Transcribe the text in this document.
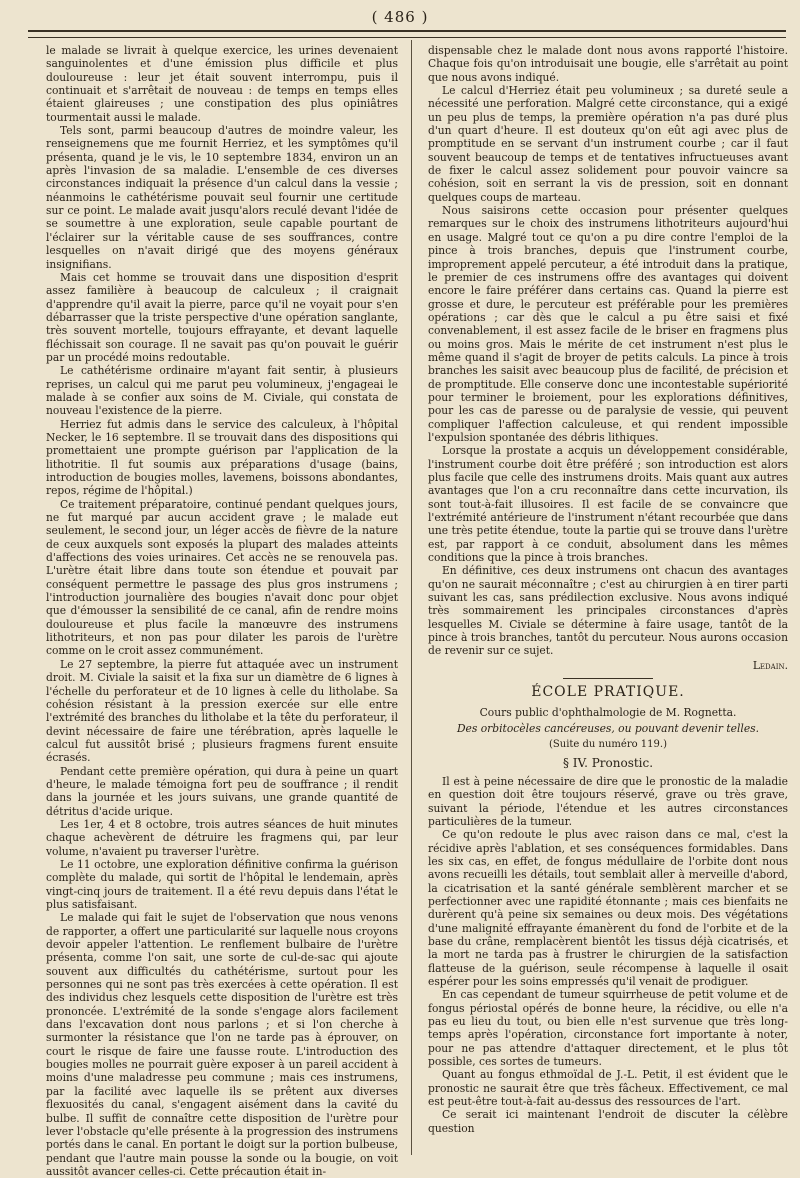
( 486 )

le malade se livrait à quelque exercice, les urines devenaient sanguinolentes et d'une émission plus difficile et plus douloureuse : leur jet était souvent interrompu, puis il continuait et s'arrêtait de nouveau : de temps en temps elles étaient glaireuses ; une constipation des plus opiniâtres tourmentait aussi le malade.

Tels sont, parmi beaucoup d'autres de moindre valeur, les renseignemens que me fournit Herriez, et les symptômes qu'il présenta, quand je le vis, le 10 septembre 1834, environ un an après l'invasion de sa maladie. L'ensemble de ces diverses circonstances indiquait la présence d'un calcul dans la vessie ; néanmoins le cathétérisme pouvait seul fournir une certitude sur ce point. Le malade avait jusqu'alors reculé devant l'idée de se soumettre à une exploration, seule capable pourtant de l'éclairer sur la véritable cause de ses souffrances, contre lesquelles on n'avait dirigé que des moyens généraux insignifians.

Mais cet homme se trouvait dans une disposition d'esprit assez familière à beaucoup de calculeux ; il craignait d'apprendre qu'il avait la pierre, parce qu'il ne voyait pour s'en débarrasser que la triste perspective d'une opération sanglante, très souvent mortelle, toujours effrayante, et devant laquelle fléchissait son courage. Il ne savait pas qu'on pouvait le guérir par un procédé moins redoutable.

Le cathétérisme ordinaire m'ayant fait sentir, à plusieurs reprises, un calcul qui me parut peu volumineux, j'engageai le malade à se confier aux soins de M. Civiale, qui constata de nouveau l'existence de la pierre.

Herriez fut admis dans le service des calculeux, à l'hôpital Necker, le 16 septembre. Il se trouvait dans des dispositions qui promettaient une prompte guérison par l'application de la lithotritie. Il fut soumis aux préparations d'usage (bains, introduction de bougies molles, lavemens, boissons abondantes, repos, régime de l'hôpital.)

Ce traitement préparatoire, continué pendant quelques jours, ne fut marqué par aucun accident grave ; le malade eut seulement, le second jour, un léger accès de fièvre de la nature de ceux auxquels sont exposés la plupart des malades atteints d'affections des voies urinaires. Cet accès ne se renouvela pas. L'urètre était libre dans toute son étendue et pouvait par conséquent permettre le passage des plus gros instrumens ; l'introduction journalière des bougies n'avait donc pour objet que d'émousser la sensibilité de ce canal, afin de rendre moins douloureuse et plus facile la manœuvre des instrumens lithotriteurs, et non pas pour dilater les parois de l'urètre comme on le croit assez communément.

Le 27 septembre, la pierre fut attaquée avec un instrument droit. M. Civiale la saisit et la fixa sur un diamètre de 6 lignes à l'échelle du perforateur et de 10 lignes à celle du litholabe. Sa cohésion résistant à la pression exercée sur elle entre l'extrémité des branches du litholabe et la tête du perforateur, il devint nécessaire de faire une térébration, après laquelle le calcul fut aussitôt brisé ; plusieurs fragmens furent ensuite écrasés.

Pendant cette première opération, qui dura à peine un quart d'heure, le malade témoigna fort peu de souffrance ; il rendit dans la journée et les jours suivans, une grande quantité de détritus d'acide urique.

Les 1er, 4 et 8 octobre, trois autres séances de huit minutes chaque achevèrent de détruire les fragmens qui, par leur volume, n'avaient pu traverser l'urètre.

Le 11 octobre, une exploration définitive confirma la guérison complète du malade, qui sortit de l'hôpital le lendemain, après vingt-cinq jours de traitement. Il a été revu depuis dans l'état le plus satisfaisant.

Le malade qui fait le sujet de l'observation que nous venons de rapporter, a offert une particularité sur laquelle nous croyons devoir appeler l'attention. Le renflement bulbaire de l'urètre présenta, comme l'on sait, une sorte de cul-de-sac qui ajoute souvent aux difficultés du cathétérisme, surtout pour les personnes qui ne sont pas très exercées à cette opération. Il est des individus chez lesquels cette disposition de l'urètre est très prononcée. L'extrémité de la sonde s'engage alors facilement dans l'excavation dont nous parlons ; et si l'on cherche à surmonter la résistance que l'on ne tarde pas à éprouver, on court le risque de faire une fausse route. L'introduction des bougies molles ne pourrait guère exposer à un pareil accident à moins d'une maladresse peu commune ; mais ces instrumens, par la facilité avec laquelle ils se prêtent aux diverses flexuosités du canal, s'engagent aisément dans la cavité du bulbe. Il suffit de connaître cette disposition de l'urètre pour lever l'obstacle qu'elle présente à la progression des instrumens portés dans le canal. En portant le doigt sur la portion bulbeuse, pendant que l'autre main pousse la sonde ou la bougie, on voit aussitôt avancer celles-ci. Cette précaution était in-

dispensable chez le malade dont nous avons rapporté l'histoire. Chaque fois qu'on introduisait une bougie, elle s'arrêtait au point que nous avons indiqué.

Le calcul d'Herriez était peu volumineux ; sa dureté seule a nécessité une perforation. Malgré cette circonstance, qui a exigé un peu plus de temps, la première opération n'a pas duré plus d'un quart d'heure. Il est douteux qu'on eût agi avec plus de promptitude en se servant d'un instrument courbe ; car il faut souvent beaucoup de temps et de tentatives infructueuses avant de fixer le calcul assez solidement pour pouvoir vaincre sa cohésion, soit en serrant la vis de pression, soit en donnant quelques coups de marteau.

Nous saisirons cette occasion pour présenter quelques remarques sur le choix des instrumens lithotriteurs aujourd'hui en usage. Malgré tout ce qu'on a pu dire contre l'emploi de la pince à trois branches, depuis que l'instrument courbe, improprement appelé percuteur, a été introduit dans la pratique, le premier de ces instrumens offre des avantages qui doivent encore le faire préférer dans certains cas. Quand la pierre est grosse et dure, le percuteur est préférable pour les premières opérations ; car dès que le calcul a pu être saisi et fixé convenablement, il est assez facile de le briser en fragmens plus ou moins gros. Mais le mérite de cet instrument n'est plus le même quand il s'agit de broyer de petits calculs. La pince à trois branches les saisit avec beaucoup plus de facilité, de précision et de promptitude. Elle conserve donc une incontestable supériorité pour terminer le broiement, pour les explorations définitives, pour les cas de paresse ou de paralysie de vessie, qui peuvent compliquer l'affection calculeuse, et qui rendent impossible l'expulsion spontanée des débris lithiques.

Lorsque la prostate a acquis un développement considérable, l'instrument courbe doit être préféré ; son introduction est alors plus facile que celle des instrumens droits. Mais quant aux autres avantages que l'on a cru reconnaître dans cette incurvation, ils sont tout-à-fait illusoires. Il est facile de se convaincre que l'extrémité antérieure de l'instrument n'étant recourbée que dans une très petite étendue, toute la partie qui se trouve dans l'urètre est, par rapport à ce conduit, absolument dans les mêmes conditions que la pince à trois branches.

En définitive, ces deux instrumens ont chacun des avantages qu'on ne saurait méconnaître ; c'est au chirurgien à en tirer parti suivant les cas, sans prédilection exclusive. Nous avons indiqué très sommairement les principales circonstances d'après lesquelles M. Civiale se détermine à faire usage, tantôt de la pince à trois branches, tantôt du percuteur. Nous aurons occasion de revenir sur ce sujet.

Ledain.

ÉCOLE PRATIQUE.

Cours public d'ophthalmologie de M. Rognetta.

Des orbitocèles cancéreuses, ou pouvant devenir telles.

(Suite du numéro 119.)

§ IV. Pronostic.

Il est à peine nécessaire de dire que le pronostic de la maladie en question doit être toujours réservé, grave ou très grave, suivant la période, l'étendue et les autres circonstances particulières de la tumeur.

Ce qu'on redoute le plus avec raison dans ce mal, c'est la récidive après l'ablation, et ses conséquences formidables. Dans les six cas, en effet, de fongus médullaire de l'orbite dont nous avons recueilli les détails, tout semblait aller à merveille d'abord, la cicatrisation et la santé générale semblèrent marcher et se perfectionner avec une rapidité étonnante ; mais ces bienfaits ne durèrent qu'à peine six semaines ou deux mois. Des végétations d'une malignité effrayante émanèrent du fond de l'orbite et de la base du crâne, remplacèrent bientôt les tissus déjà cicatrisés, et la mort ne tarda pas à frustrer le chirurgien de la satisfaction flatteuse de la guérison, seule récompense à laquelle il osait espérer pour les soins empressés qu'il venait de prodiguer.

En cas cependant de tumeur squirrheuse de petit volume et de fongus périostal opérés de bonne heure, la récidive, ou elle n'a pas eu lieu du tout, ou bien elle n'est survenue que très long-temps après l'opération, circonstance fort importante à noter, pour ne pas attendre d'attaquer directement, et le plus tôt possible, ces sortes de tumeurs.

Quant au fongus ethmoïdal de J.-L. Petit, il est évident que le pronostic ne saurait être que très fâcheux. Effectivement, ce mal est peut-être tout-à-fait au-dessus des ressources de l'art.

Ce serait ici maintenant l'endroit de discuter la célèbre question
